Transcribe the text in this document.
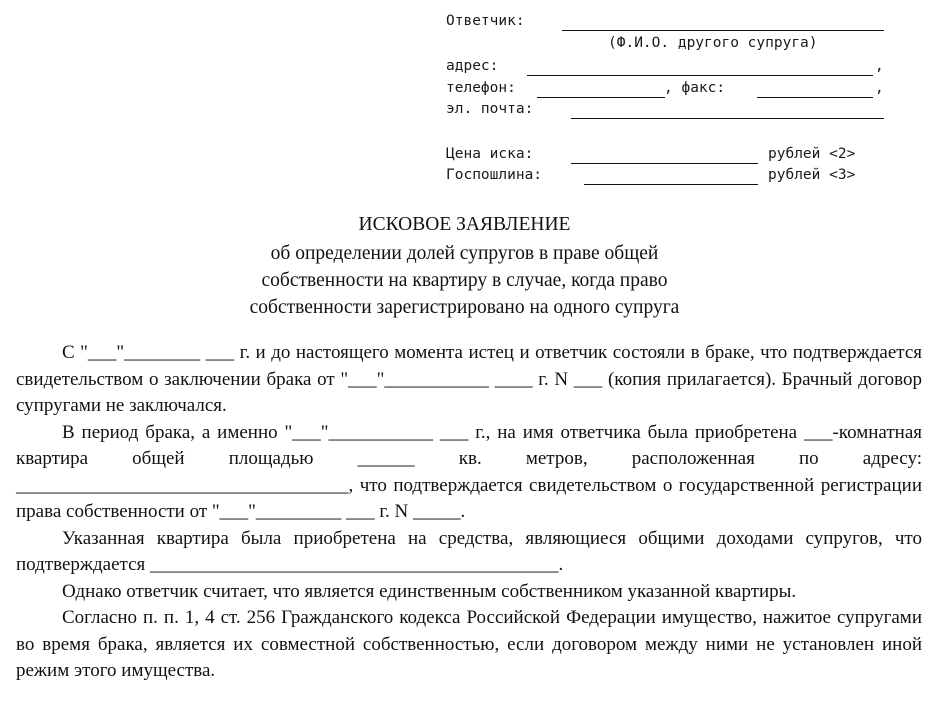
Ответчик:
(Ф.И.О. другого супруга)
адрес:	,
телефон:	, факс:	,
эл. почта:
Цена иска:	рублей <2>
Госпошлина:	рублей <3>
ИСКОВОЕ ЗАЯВЛЕНИЕ
об определении долей супругов в праве общей
собственности на квартиру в случае, когда право
собственности зарегистрировано на одного супруга

С "___"________ ___ г. и до настоящего момента истец и ответчик состояли в браке, что подтверждается свидетельством о заключении брака от "___"___________ ____ г. N ___ (копия прилагается). Брачный договор супругами не заключался.

В период брака, а именно "___"___________ ___ г., на имя ответчика была приобретена ___-комнатная квартира общей площадью ______ кв. метров, расположенная по адресу: ___________________________________, что подтверждается свидетельством о государственной регистрации права собственности от "___"_________ ___ г. N _____.

Указанная квартира была приобретена на средства, являющиеся общими доходами супругов, что подтверждается ___________________________________________.

Однако ответчик считает, что является единственным собственником указанной квартиры.

Согласно п. п. 1, 4 ст. 256 Гражданского кодекса Российской Федерации имущество, нажитое супругами во время брака, является их совместной собственностью, если договором между ними не установлен иной режим этого имущества.
